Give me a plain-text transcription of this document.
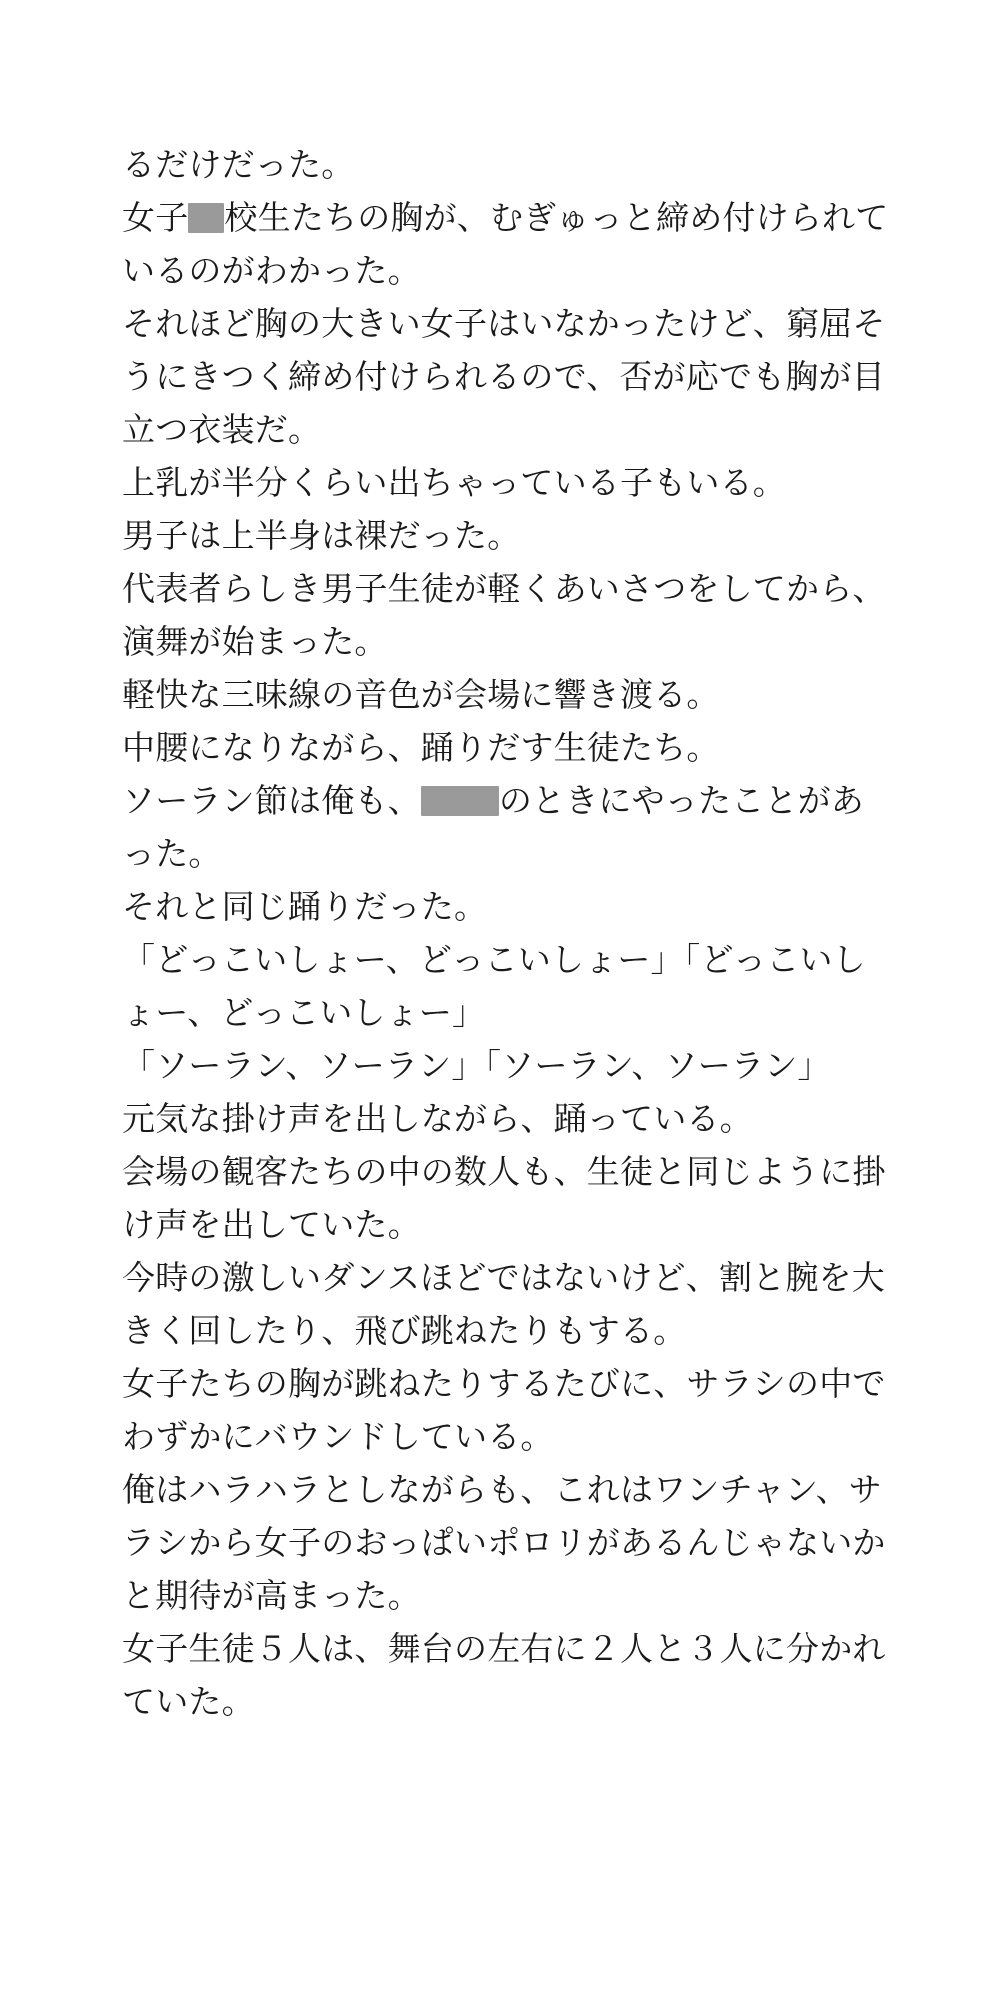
るだけだった。
女子 校生たちの胸が、むぎゅっと締め付けられているのがわかった。
それほど胸の大きい女子はいなかったけど、窮屈そうにきつく締め付けられるので、否が応でも胸が目立つ衣装だ。
上乳が半分くらい出ちゃっている子もいる。
男子は上半身は裸だった。
代表者らしき男子生徒が軽くあいさつをしてから、演舞が始まった。
軽快な三味線の音色が会場に響き渡る。
中腰になりながら、踊りだす生徒たち。
ソーラン節は俺も、 のときにやったことがあった。
それと同じ踊りだった。
「どっこいしょー、どっこいしょー」「どっこいしょー、どっこいしょー」
「ソーラン、ソーラン」「ソーラン、ソーラン」
元気な掛け声を出しながら、踊っている。
会場の観客たちの中の数人も、生徒と同じように掛け声を出していた。
今時の激しいダンスほどではないけど、割と腕を大きく回したり、飛び跳ねたりもする。
女子たちの胸が跳ねたりするたびに、サラシの中でわずかにバウンドしている。
俺はハラハラとしながらも、これはワンチャン、サラシから女子のおっぱいポロリがあるんじゃないかと期待が高まった。
女子生徒５人は、舞台の左右に２人と３人に分かれていた。
